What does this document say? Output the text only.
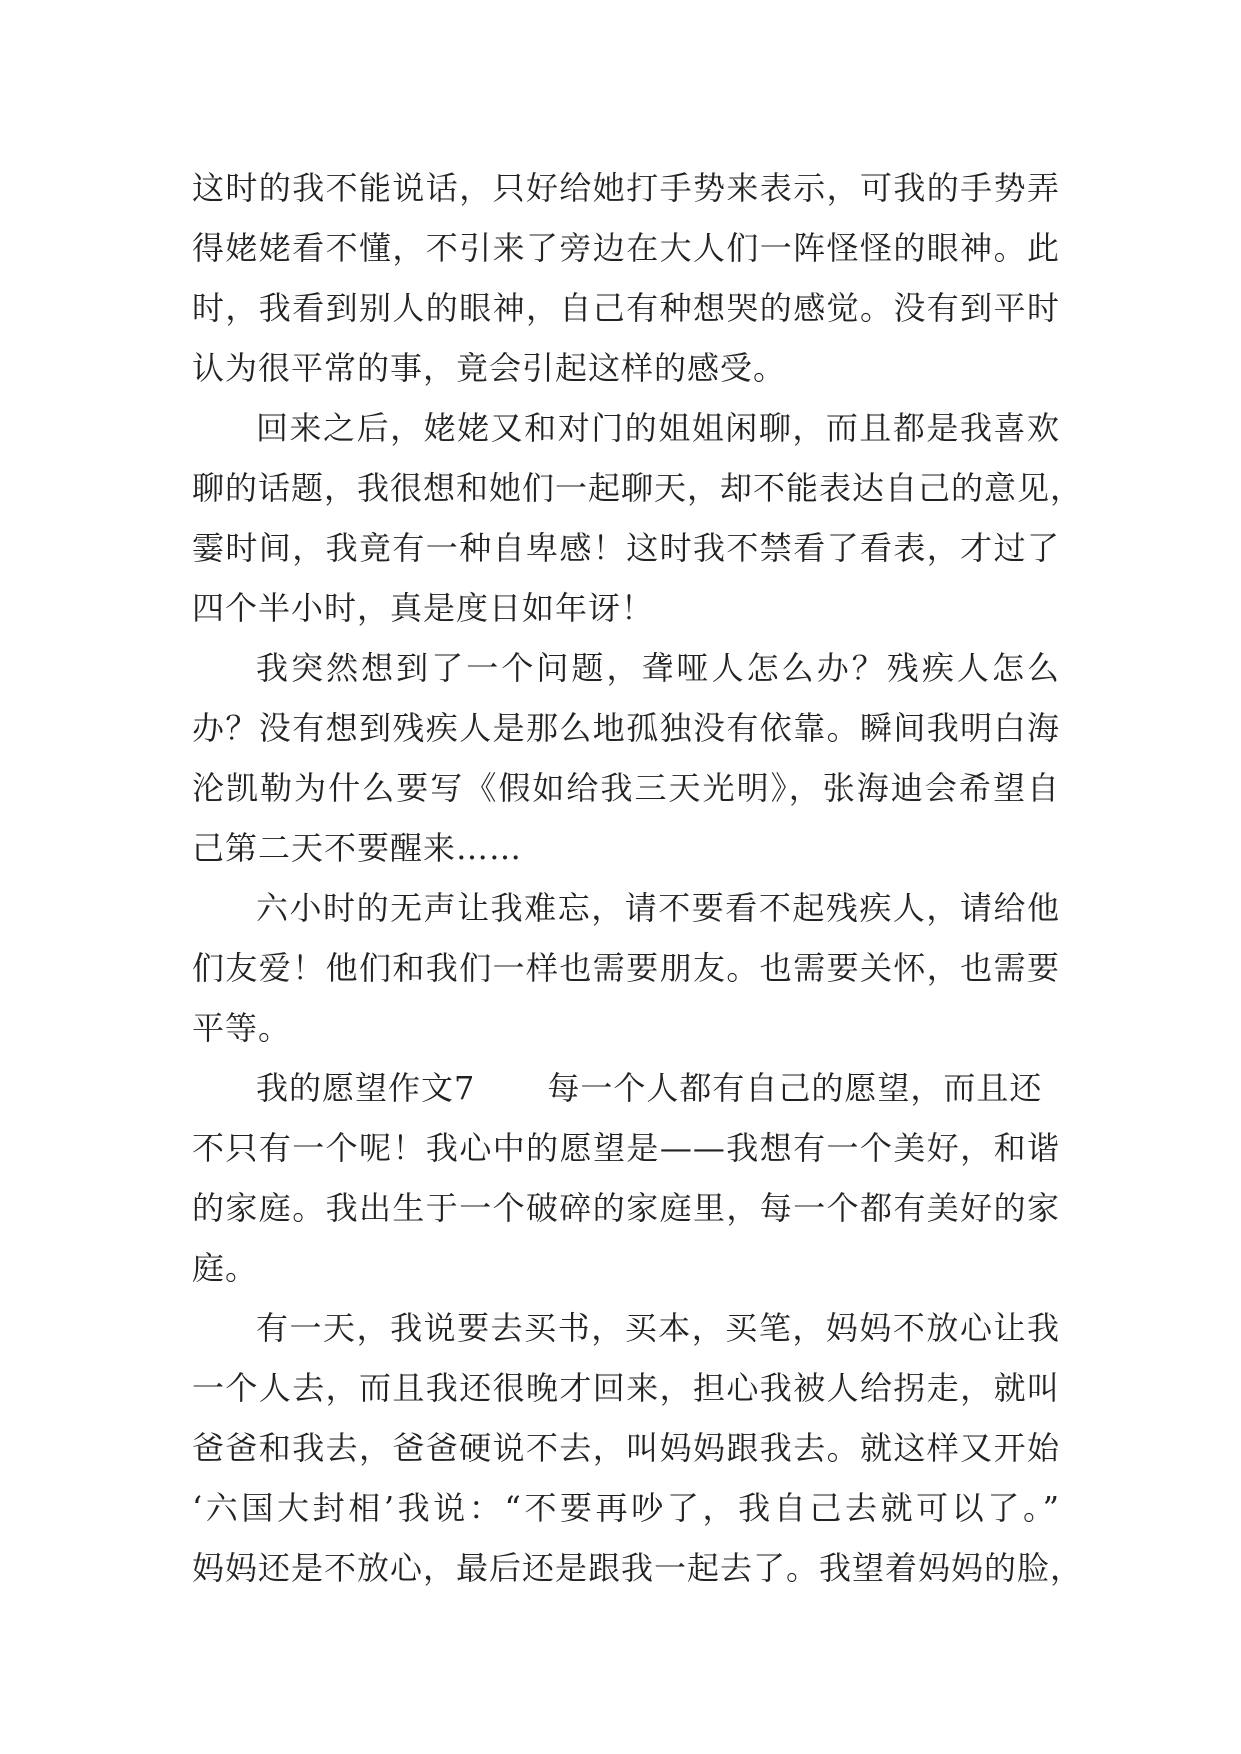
这时的我不能说话，只好给她打手势来表示，可我的手势弄
得姥姥看不懂，不引来了旁边在大人们一阵怪怪的眼神。此
时，我看到别人的眼神，自己有种想哭的感觉。没有到平时
认为很平常的事，竟会引起这样的感受。
回来之后，姥姥又和对门的姐姐闲聊，而且都是我喜欢
聊的话题，我很想和她们一起聊天，却不能表达自己的意见，
霎时间，我竟有一种自卑感！这时我不禁看了看表，才过了
四个半小时，真是度日如年讶！
我突然想到了一个问题，聋哑人怎么办？残疾人怎么
办？没有想到残疾人是那么地孤独没有依靠。瞬间我明白海
沦凯勒为什么要写《假如给我三天光明》，张海迪会希望自
己第二天不要醒来……
六小时的无声让我难忘，请不要看不起残疾人，请给他
们友爱！他们和我们一样也需要朋友。也需要关怀，也需要
平等。
我的愿望作文7 每一个人都有自己的愿望，而且还
不只有一个呢！我心中的愿望是——我想有一个美好，和谐
的家庭。我出生于一个破碎的家庭里，每一个都有美好的家
庭。
有一天，我说要去买书，买本，买笔，妈妈不放心让我
一个人去，而且我还很晚才回来，担心我被人给拐走，就叫
爸爸和我去，爸爸硬说不去，叫妈妈跟我去。就这样又开始
‘六国大封相’我说：“不要再吵了，我自己去就可以了。”
妈妈还是不放心，最后还是跟我一起去了。我望着妈妈的脸，
